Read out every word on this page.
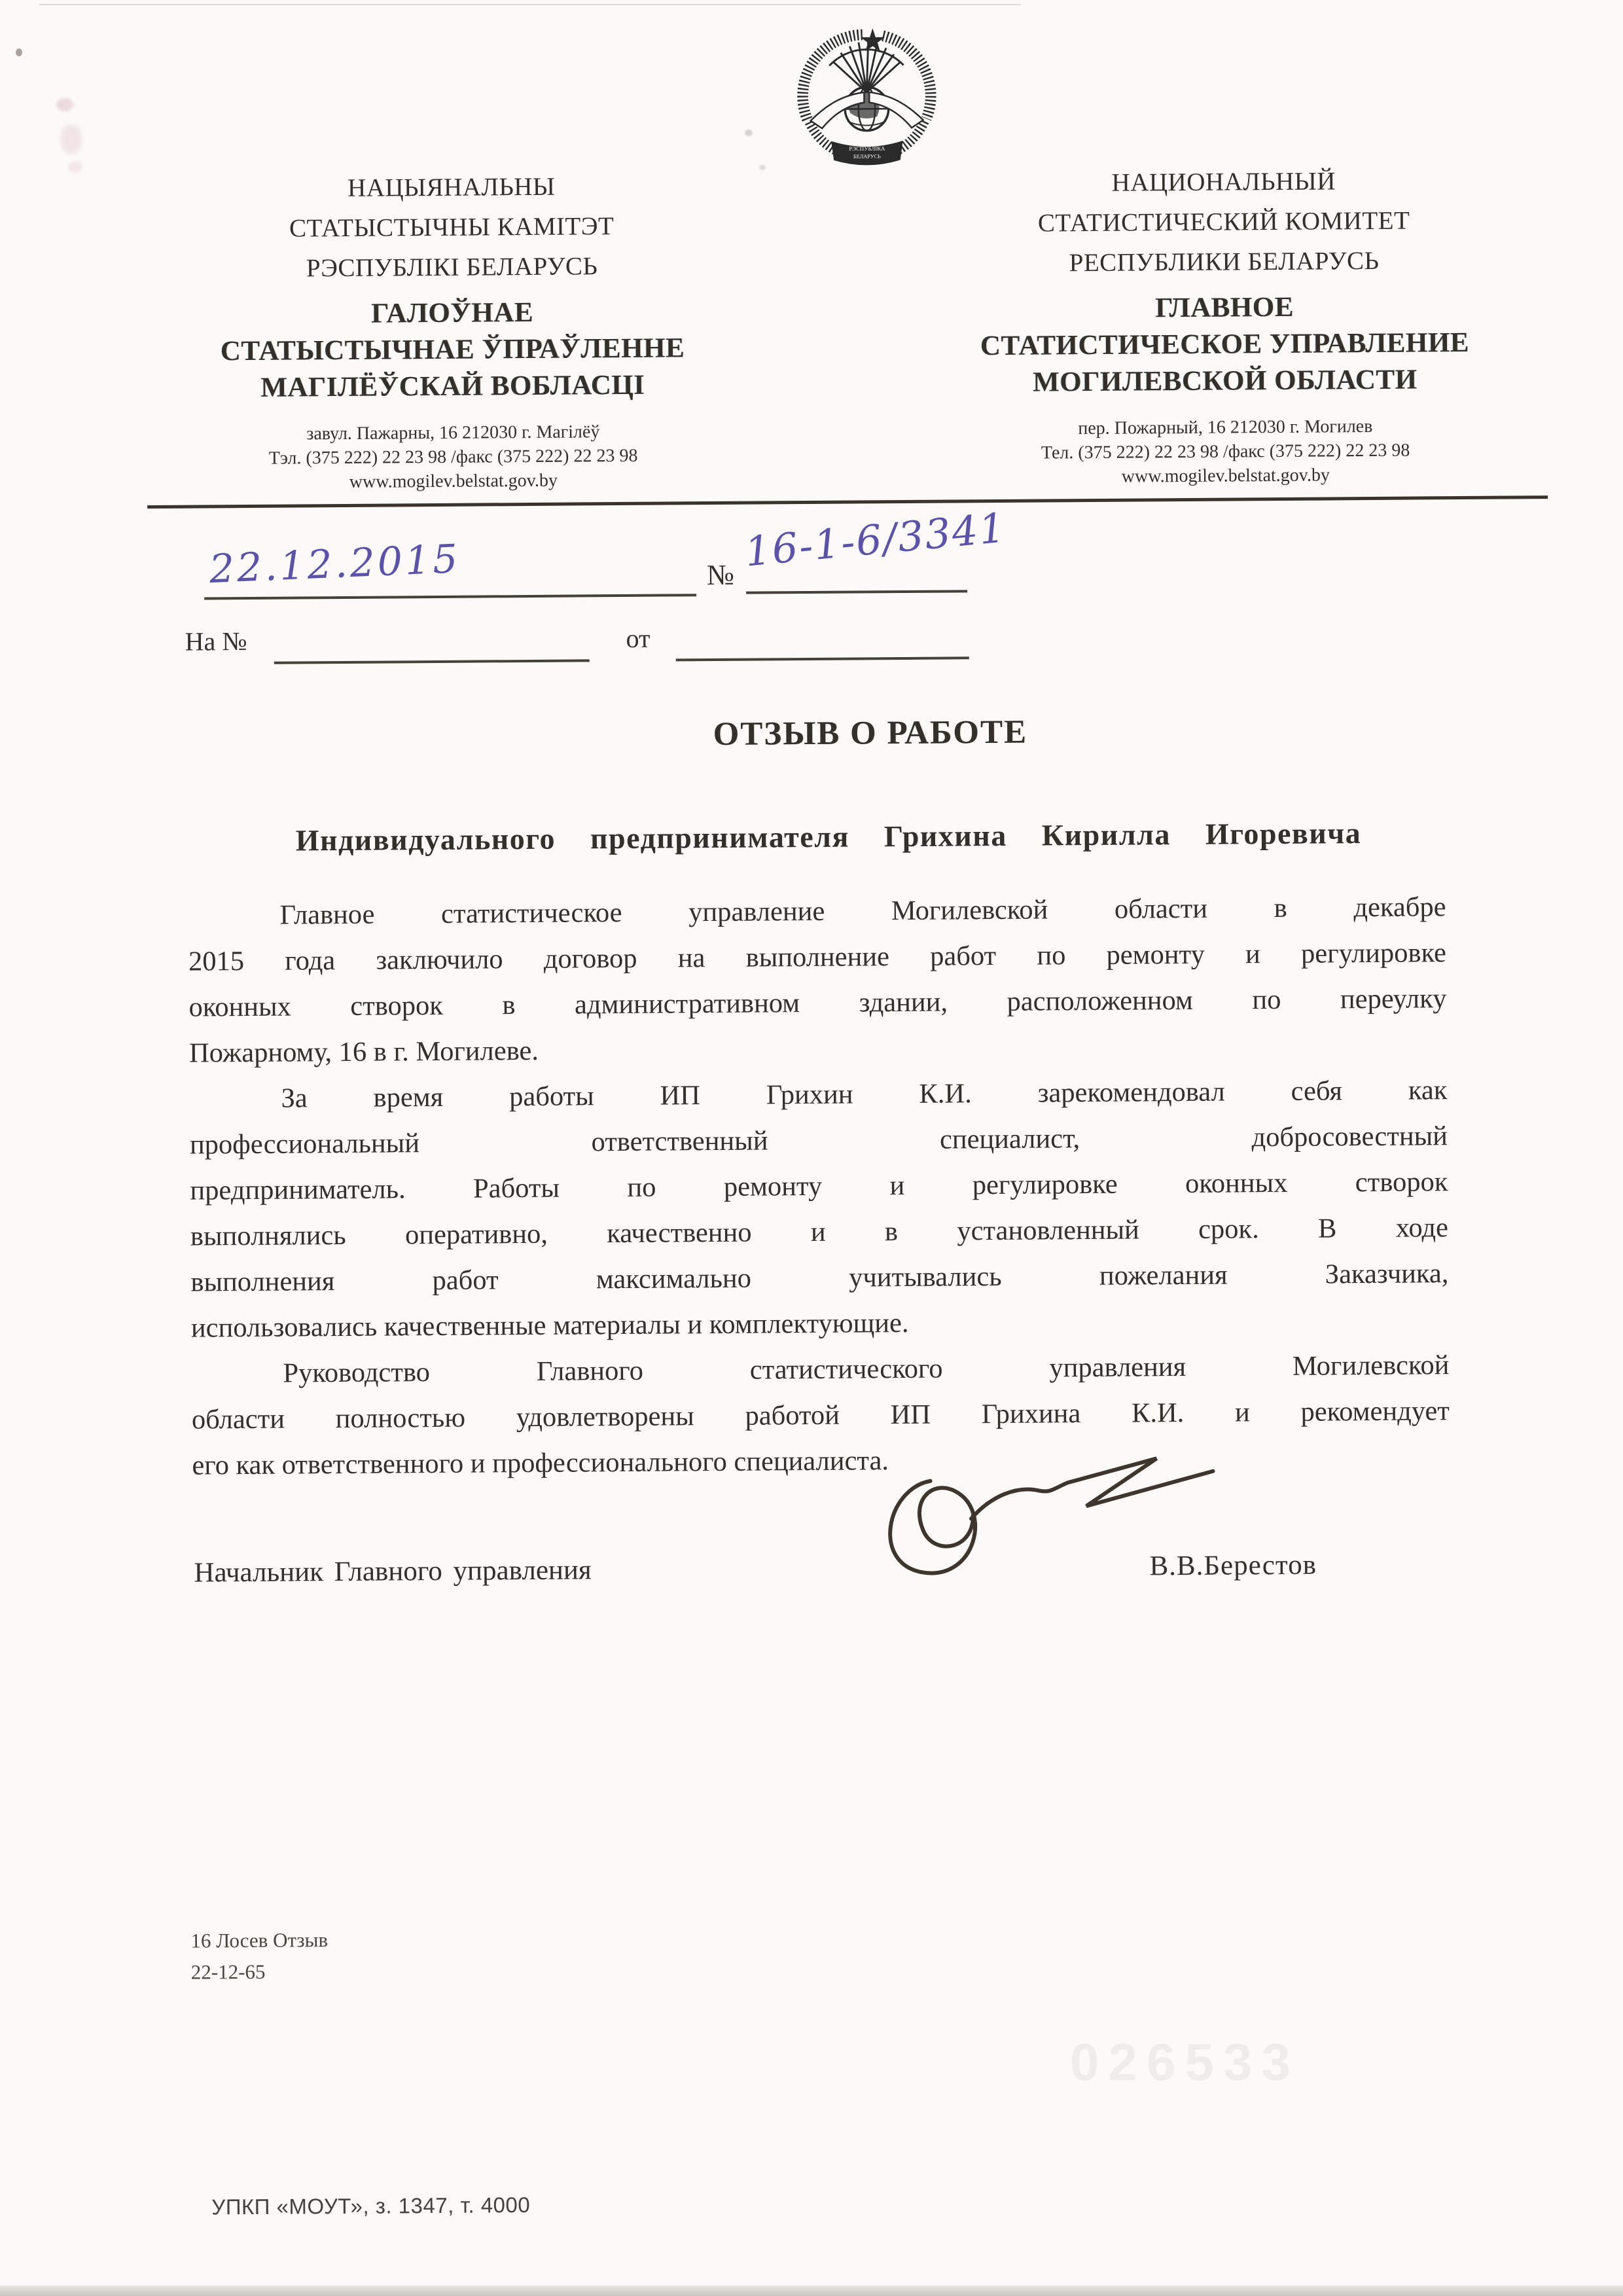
026533
РЭСПУБЛІКА
БЕЛАРУСЬ
НАЦЫЯНАЛЬНЫ
СТАТЫСТЫЧНЫ КАМІТЭТ
РЭСПУБЛІКІ БЕЛАРУСЬ
ГАЛОЎНАЕ
СТАТЫСТЫЧНАЕ ЎПРАЎЛЕННЕ
МАГІЛЁЎСКАЙ ВОБЛАСЦІ
завул. Пажарны, 16 212030 г. Магілёў
Тэл. (375 222) 22 23 98 /факс (375 222) 22 23 98
www.mogilev.belstat.gov.by
НАЦИОНАЛЬНЫЙ
СТАТИСТИЧЕСКИЙ КОМИТЕТ
РЕСПУБЛИКИ БЕЛАРУСЬ
ГЛАВНОЕ
СТАТИСТИЧЕСКОЕ УПРАВЛЕНИЕ
МОГИЛЕВСКОЙ ОБЛАСТИ
пер. Пожарный, 16 212030 г. Могилев
Тел. (375 222) 22 23 98 /факс (375 222) 22 23 98
www.mogilev.belstat.gov.by
22.12.2015	№ 16-1-6/3341
На №	от
ОТЗЫВ О РАБОТЕ
Индивидуального предпринимателя Грихина Кирилла Игоревича
Главное статистическое управление Могилевской области в декабре
2015 года заключило договор на выполнение работ по ремонту и регулировке
оконных створок в административном здании, расположенном по переулку
Пожарному, 16 в г. Могилеве.
За время работы ИП Грихин К.И. зарекомендовал себя как
профессиональный ответственный специалист, добросовестный
предприниматель. Работы по ремонту и регулировке оконных створок
выполнялись оперативно, качественно и в установленный срок. В ходе
выполнения работ максимально учитывались пожелания Заказчика,
использовались качественные материалы и комплектующие.
Руководство Главного статистического управления Могилевской
области полностью удовлетворены работой ИП Грихина К.И. и рекомендует
его как ответственного и профессионального специалиста.
Начальник Главного управления	В.В.Берестов
16 Лосев Отзыв
22-12-65
УПКП «МОУТ», з. 1347, т. 4000
